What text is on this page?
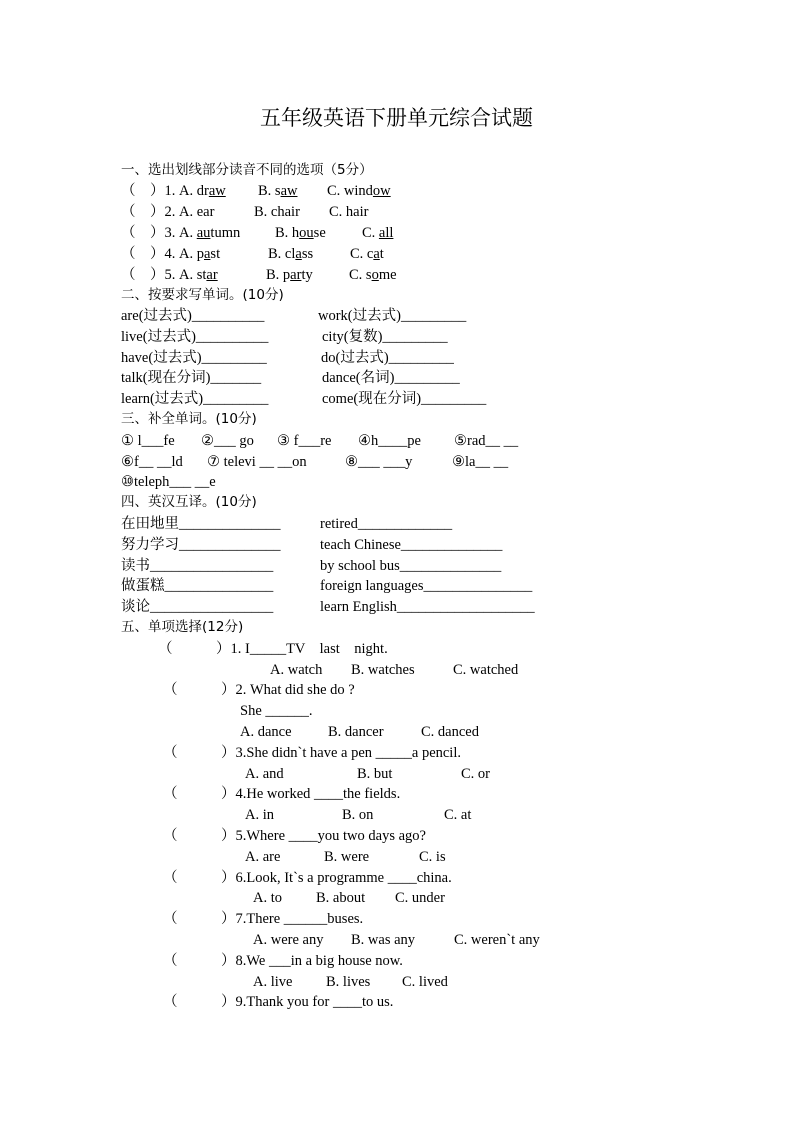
五年级英语下册单元综合试题
一、选出划线部分读音不同的选项（5分）
（　）1. A. draw B. saw C. window
（　）2. A. ear	B. chair C. hair
（　）3. A. autumn B. house C. all
（　）4. A. past	B. class	C. cat
（　）5. A. star	B. party	C. some
二、按要求写单词。(10分)
are(过去式)__________	work(过去式)_________
live(过去式)__________	city(复数)_________
have(过去式)_________	do(过去式)_________
talk(现在分词)_______	dance(名词)_________
learn(过去式)_________	come(现在分词)_________
三、补全单词。(10分)
① l___fe ②___ go ③ f___re ④h____pe ⑤rad__ __
⑥f__ __ld ⑦ televi __ __on	⑧___ ___y	⑨la__ __
⑩teleph___ __e
四、英汉互译。(10分)
在田地里______________	retired_____________
努力学习______________	teach Chinese______________
读书_________________	by school bus______________
做蛋糕_______________	foreign languages_______________
谈论_________________	learn English___________________
五、单项选择(12分)
（　　　）1. I_____TV　last　night.
A. watch B. watches	C. watched
（　　　）2. What did she do ?
She ______.
A. dance	B. dancer	C. danced
（　　　）3.She didn`t have a pen _____a pencil.
A. and	B. but	C. or
（　　　）4.He worked ____the fields.
A. in	B. on	C. at
（　　　）5.Where ____you two days ago?
A. are	B. were	C. is
（　　　）6.Look, It`s a programme ____china.
A. to B. about C. under
（　　　）7.There ______buses.
A. were any B. was any	C. weren`t any
（　　　）8.We ___in a big house now.
A. live B. lives C. lived
（　　　）9.Thank you for ____to us.
